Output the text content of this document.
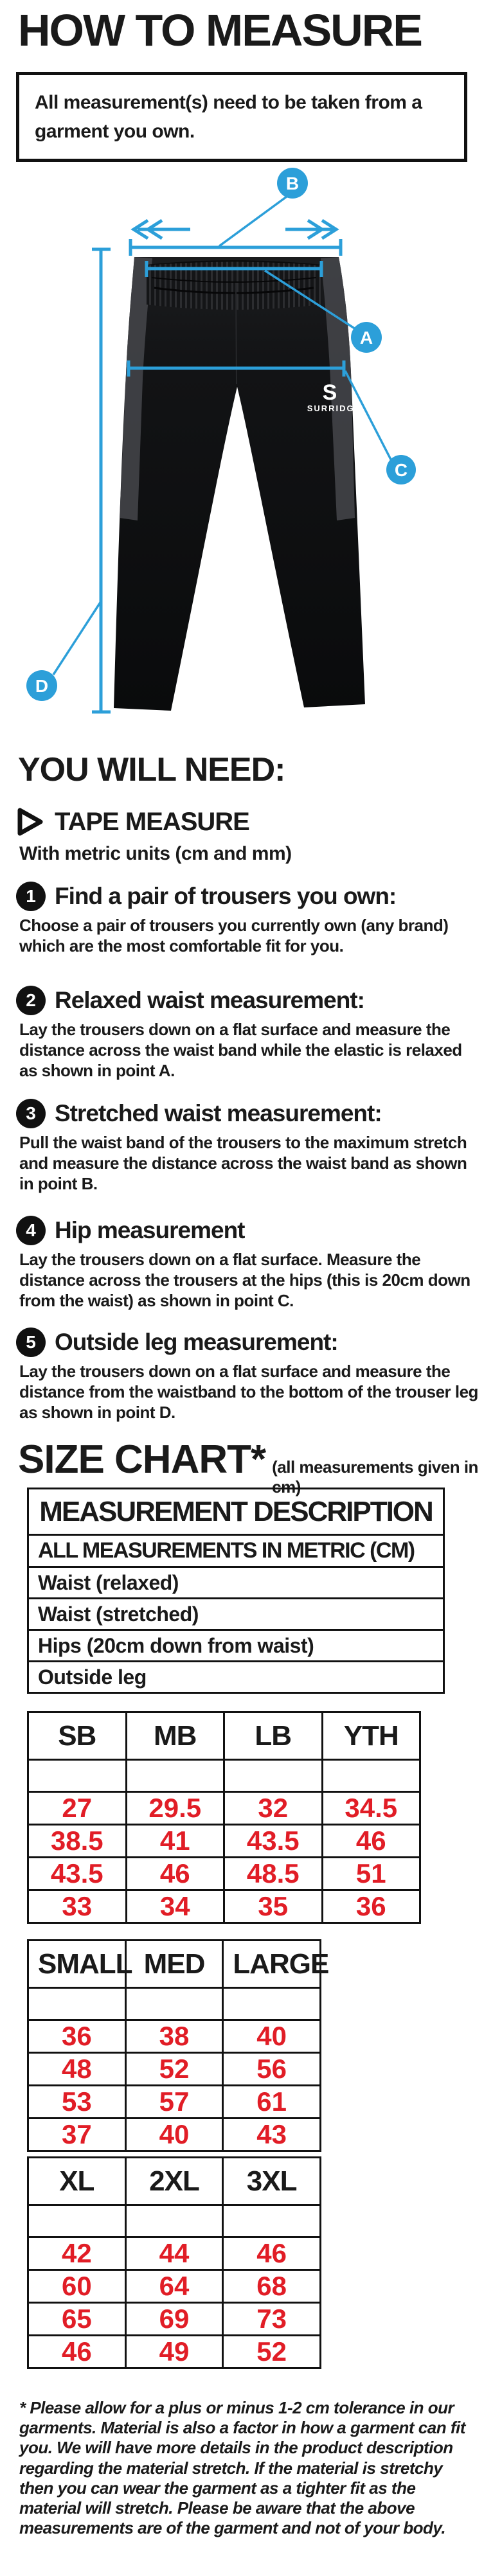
HOW TO MEASURE
All measurement(s) need to be taken from a garment you own.
S
SURRIDGE
B
A
C
D
YOU WILL NEED:
TAPE MEASURE
With metric units (cm and mm)
1 Find a pair of trousers you own:
Choose a pair of trousers you currently own (any brand) which are the most comfortable fit for you.
2 Relaxed waist measurement:
Lay the trousers down on a flat surface and measure the distance across the waist band while the elastic is relaxed as shown in point A.
3 Stretched waist measurement:
Pull the waist band of the trousers to the maximum stretch and measure the distance across the waist band as shown in point B.
4 Hip measurement
Lay the trousers down on a flat surface. Measure the distance across the trousers at the hips (this is 20cm down from the waist) as shown in point C.
5 Outside leg measurement:
Lay the trousers down on a flat surface and measure the distance from the waistband to the bottom of the trouser leg as shown in point D.
SIZE CHART* (all measurements given in cm)
MEASUREMENT DESCRIPTION
ALL MEASUREMENTS IN METRIC (CM)
Waist (relaxed)
Waist (stretched)
Hips (20cm down from waist)
Outside leg
SB	MB	LB	YTH

27	29.5	32	34.5
38.5	41	43.5	46
43.5	46	48.5	51
33	34	35	36
SMALL	MED	LARGE

36	38	40
48	52	56
53	57	61
37	40	43
XL	2XL	3XL

42	44	46
60	64	68
65	69	73
46	49	52
* Please allow for a plus or minus 1-2 cm tolerance in our garments. Material is also a factor in how a garment can fit you. We will have more details in the product description regarding the material stretch. If the material is stretchy then you can wear the garment as a tighter fit as the material will stretch. Please be aware that the above measurements are of the garment and not of your body.
